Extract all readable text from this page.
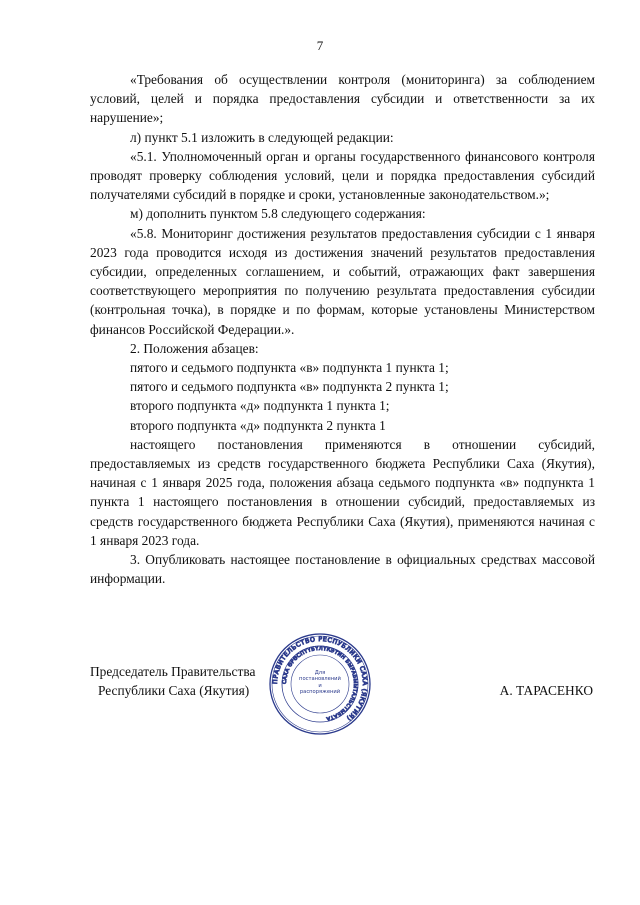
7

«Требования об осуществлении контроля (мониторинга) за соблюдением условий, целей и порядка предоставления субсидии и ответственности за их нарушение»;

л) пункт 5.1 изложить в следующей редакции:

«5.1. Уполномоченный орган и органы государственного финансового контроля проводят проверку соблюдения условий, цели и порядка предоставления субсидий получателями субсидий в порядке и сроки, установленные законодательством.»;

м) дополнить пунктом 5.8 следующего содержания:

«5.8. Мониторинг достижения результатов предоставления субсидии с 1 января 2023 года проводится исходя из достижения значений результатов предоставления субсидии, определенных соглашением, и событий, отражающих факт завершения соответствующего мероприятия по получению результата предоставления субсидии (контрольная точка), в порядке и по формам, которые установлены Министерством финансов Российской Федерации.».

2. Положения абзацев:

пятого и седьмого подпункта «в» подпункта 1 пункта 1;

пятого и седьмого подпункта «в» подпункта 2 пункта 1;

второго подпункта «д» подпункта 1 пункта 1;

второго подпункта «д» подпункта 2 пункта 1

настоящего постановления применяются в отношении субсидий, предоставляемых из средств государственного бюджета Республики Саха (Якутия), начиная с 1 января 2025 года, положения абзаца седьмого подпункта «в» подпункта 1 пункта 1 настоящего постановления в отношении субсидий, предоставляемых из средств государственного бюджета Республики Саха (Якутия), применяются начиная с 1 января 2023 года.

3. Опубликовать настоящее постановление в официальных средствах массовой информации.

Председатель Правительства
Республики Саха (Якутия)	А. ТАРАСЕНКО
ПРАВИТЕЛЬСТВО РЕСПУБЛИКИ САХА (ЯКУТИЯ)
САХА ӨРӨСПҮҮБҮЛҮКЭТИН БЫРАБЫЫТАЛЬСТЫБАТА
Для постановлений и распоряжений
